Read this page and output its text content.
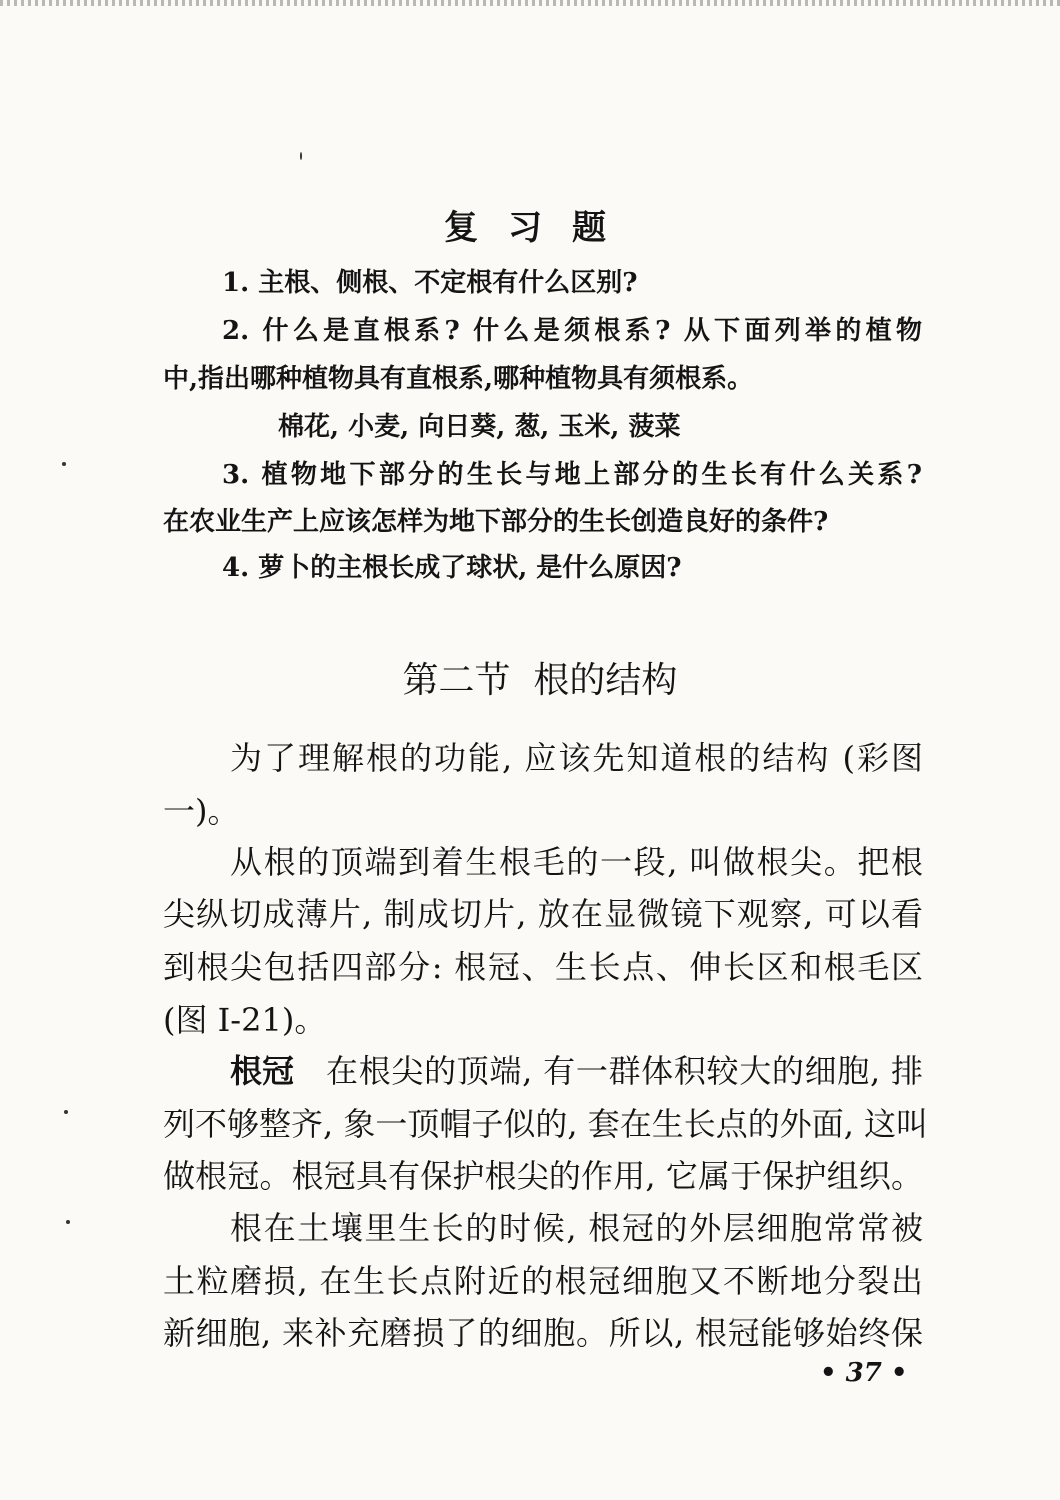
复习题
1. 主根、侧根、不定根有什么区别?
2. 什么是直根系? 什么是须根系? 从下面列举的植物
中,指出哪种植物具有直根系,哪种植物具有须根系。
棉花, 小麦, 向日葵, 葱, 玉米, 菠菜
3. 植物地下部分的生长与地上部分的生长有什么关系?
在农业生产上应该怎样为地下部分的生长创造良好的条件?
4. 萝卜的主根长成了球状, 是什么原因?
第二节  根的结构
为了理解根的功能, 应该先知道根的结构 (彩图
一)。
从根的顶端到着生根毛的一段, 叫做根尖。把根
尖纵切成薄片, 制成切片, 放在显微镜下观察, 可以看
到根尖包括四部分: 根冠、生长点、伸长区和根毛区
(图 I-21)。
根冠 在根尖的顶端, 有一群体积较大的细胞, 排
列不够整齐, 象一顶帽子似的, 套在生长点的外面, 这叫
做根冠。根冠具有保护根尖的作用, 它属于保护组织。
根在土壤里生长的时候, 根冠的外层细胞常常被
土粒磨损, 在生长点附近的根冠细胞又不断地分裂出
新细胞, 来补充磨损了的细胞。所以, 根冠能够始终保
• 37 •
